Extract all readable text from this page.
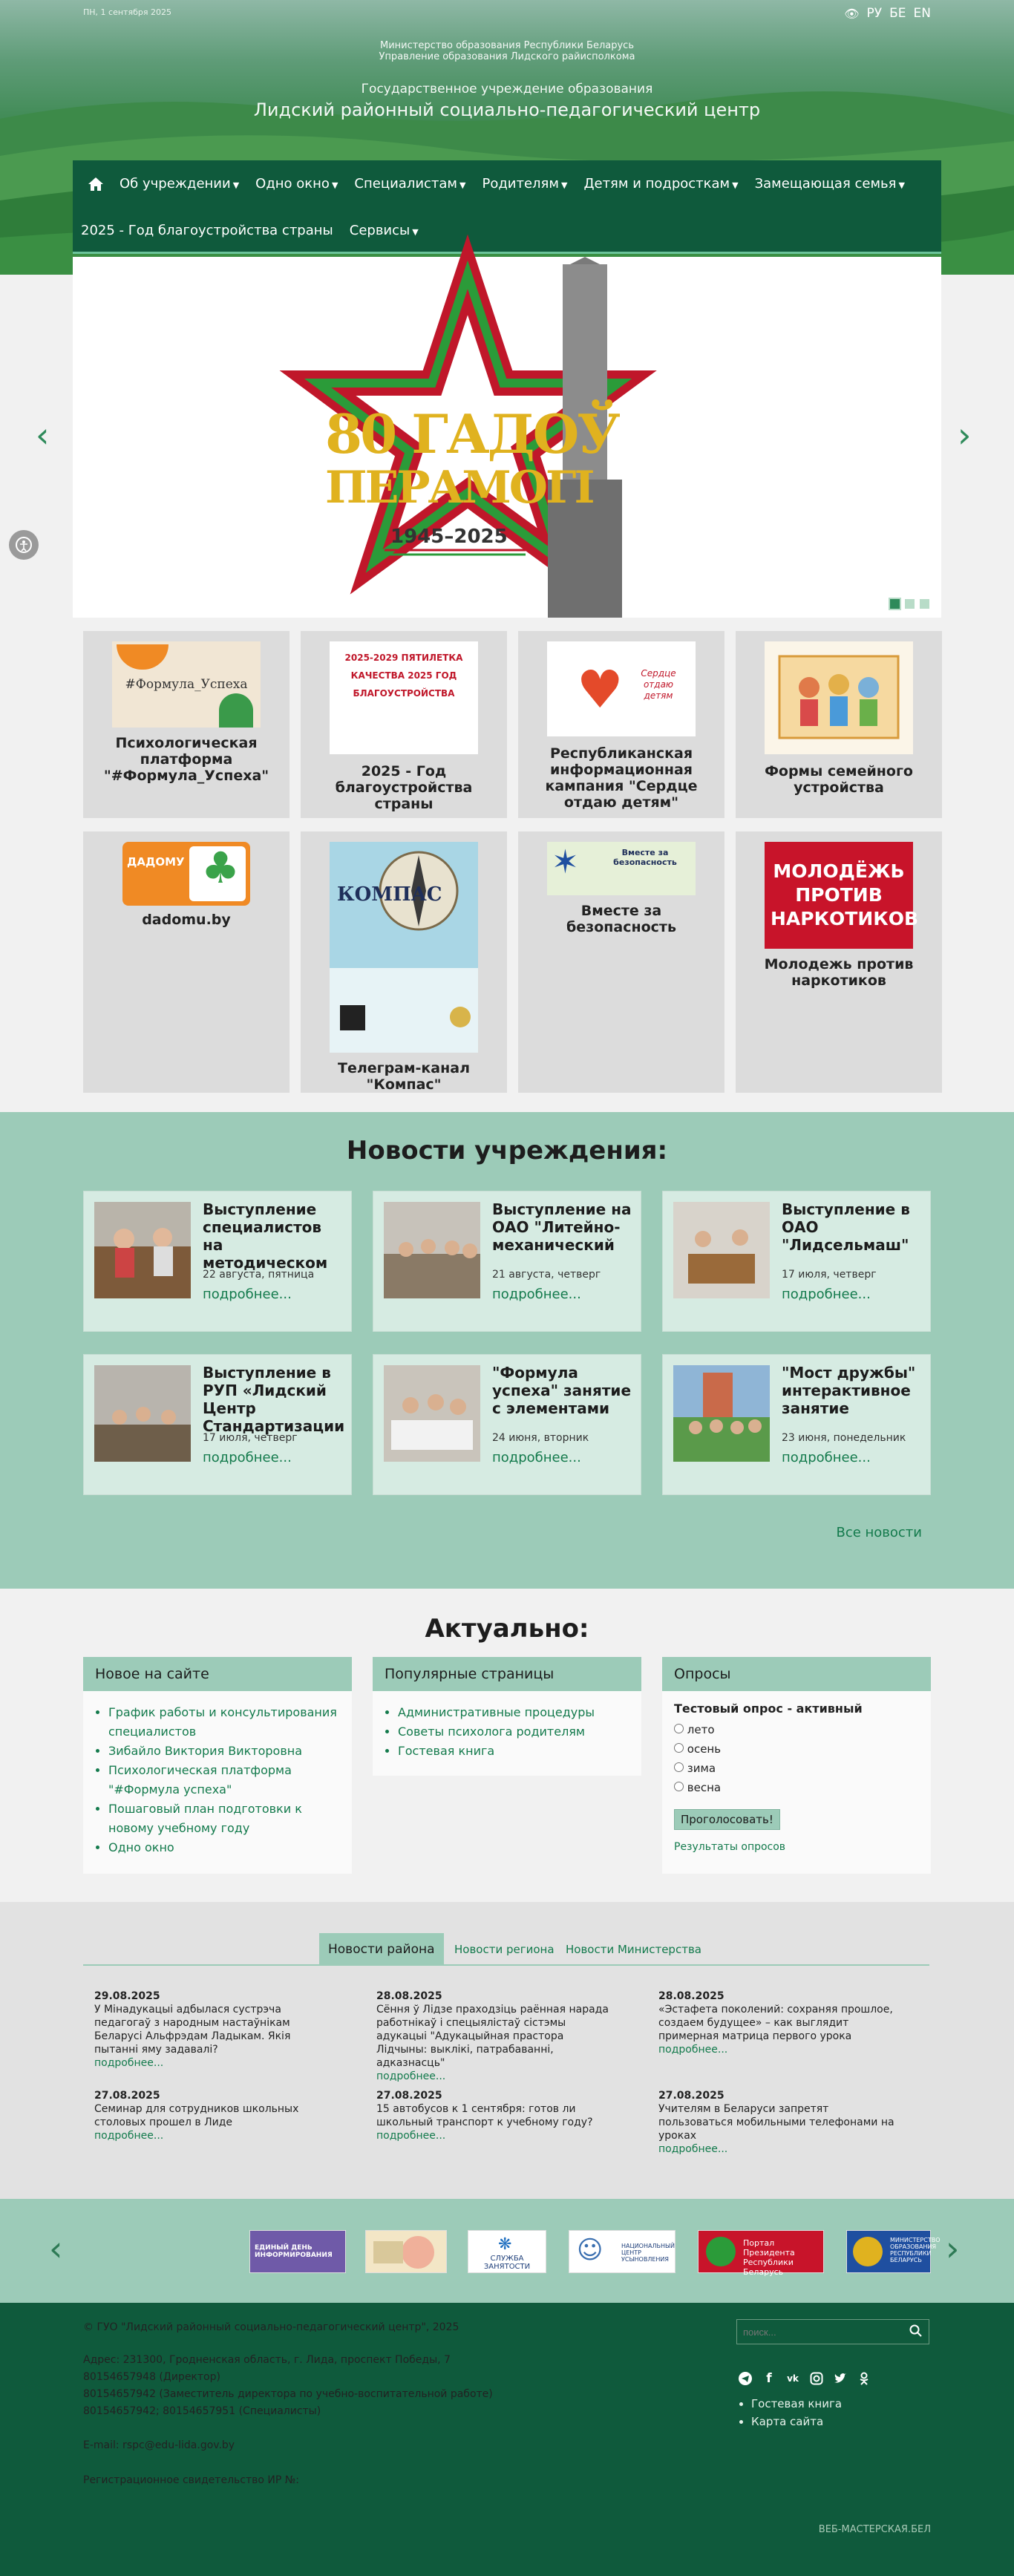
ПН, 1 сентября 2025	👁 РУ БЕ EN
Министерство образования Республики Беларусь
Управление образования Лидского райисполкома
Государственное учреждение образования
Лидский районный социально-педагогический центр
Об учреждении ▼	Одно окно ▼	Специалистам ▼	Родителям ▼	Детям и подросткам ▼	Замещающая семья ▼
2025 - Год благоустройства страны	Сервисы ▼
80 ГАДОЎ
ПЕРАМОГІ
1945–2025
‹	›
#Формула_Успеха
Психологическая платформа "#Формула_Успеха"
2025-2029 ПЯТИЛЕТКА КАЧЕСТВА 2025 ГОД БЛАГОУСТРОЙСТВА
2025 - Год благоустройства страны
♥	Сердце отдаю детям
Республиканская информационная кампания "Сердце отдаю детям"
Формы семейного устройства
ДАДОМУ ♣
dadomu.by
КОМПАС
Телеграм-канал "Компас"
✶	Вместе за безопасность
Вместе за безопасность
МОЛОДЁЖЬ ПРОТИВ НАРКОТИКОВ
Молодежь против наркотиков
Новости учреждения:
Выступление специалистов на методическом
22 августа, пятница
подробнее...
Выступление на ОАО "Литейно-механический
21 августа, четверг
подробнее...
Выступление в ОАО "Лидсельмаш"
17 июля, четверг
подробнее...
Выступление в РУП «Лидский Центр Стандартизации
17 июля, четверг
подробнее...
"Формула успеха" занятие с элементами
24 июня, вторник
подробнее...
"Мост дружбы" интерактивное занятие
23 июня, понедельник
подробнее...
Все новости
Актуально:
Новое на сайте
• График работы и консультирования специалистов
• Зибайло Виктория Викторовна
• Психологическая платформа "#Формула успеха"
• Пошаговый план подготовки к новому учебному году
• Одно окно
Популярные страницы
• Административные процедуры
• Советы психолога родителям
• Гостевая книга
Опросы
Тестовый опрос - активный
лето
осень
зима
весна
Проголосовать!
Результаты опросов
Новости района	Новости региона Новости Министерства
29.08.2025
У Мінадукацыі адбылася сустрэча педагогаў з народным настаўнікам Беларусі Альфрэдам Ладыкам. Якія пытанні яму задавалі?
подробнее...
28.08.2025
Сёння ў Лідзе праходзіць раённая нарада работнікаў і спецыялістаў сістэмы адукацыі "Адукацыйная прастора Лідчыны: выклікі, патрабаванні, адказнасць"
подробнее...
28.08.2025
«Эстафета поколений: сохраняя прошлое, создаем будущее» – как выглядит примерная матрица первого урока
подробнее...
27.08.2025
Семинар для сотрудников школьных столовых прошел в Лиде
подробнее...
27.08.2025
15 автобусов к 1 сентября: готов ли школьный транспорт к учебному году?
подробнее...
27.08.2025
Учителям в Беларуси запретят пользоваться мобильными телефонами на уроках
подробнее...
‹	›
ЕДИНЫЙ ДЕНЬ ИНФОРМИРОВАНИЯ
❋
СЛУЖБА ЗАНЯТОСТИ
☺	НАЦИОНАЛЬНЫЙ ЦЕНТР УСЫНОВЛЕНИЯ
Портал Президента Республики Беларусь
МИНИСТЕРСТВО ОБРАЗОВАНИЯ РЕСПУБЛИКИ БЕЛАРУСЬ
© ГУО "Лидский районный социально-педагогический центр", 2025
Адрес: 231300, Гродненская область, г. Лида, проспект Победы, 7
80154657948 (Директор)
80154657942 (Заместитель директора по учебно-воспитательной работе)
80154657942; 80154657951 (Специалисты)
E-mail: rspc@edu-lida.gov.by
Регистрационное свидетельство ИР №:
поиск...
f	vk
• Гостевая книга
• Карта сайта
ВЕБ-МАСТЕРСКАЯ.БЕЛ
